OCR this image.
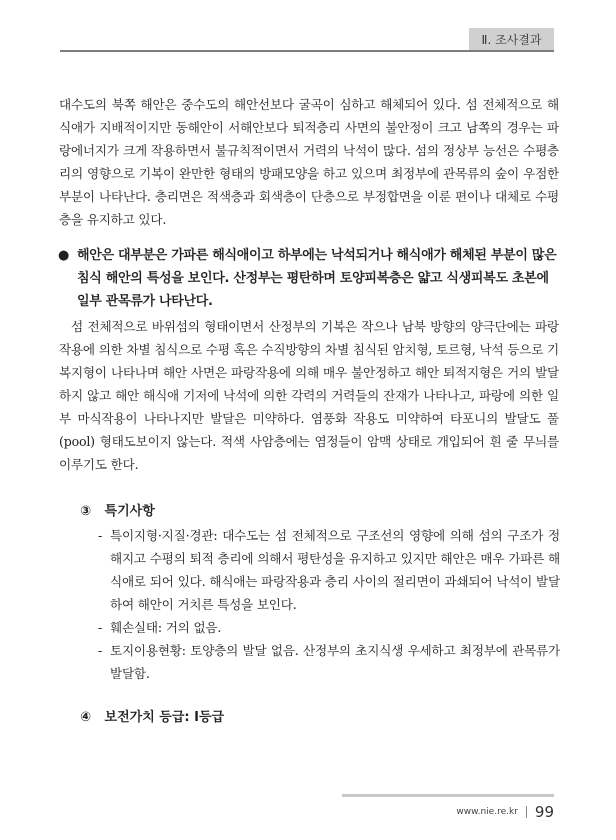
Ⅱ. 조사결과

대수도의 북쪽 해안은 중수도의 해안선보다 굴곡이 심하고 해체되어 있다. 섬 전체적으로 해식애가 지배적이지만 동해안이 서해안보다 퇴적층리 사면의 불안정이 크고 남쪽의 경우는 파랑에너지가 크게 작용하면서 불규칙적이면서 거력의 낙석이 많다. 섬의 정상부 능선은 수평층리의 영향으로 기복이 완만한 형태의 방패모양을 하고 있으며 최정부에 관목류의 숲이 우점한 부분이 나타난다. 층리면은 적색층과 회색층이 단층으로 부정합면을 이룬 편이나 대체로 수평층을 유지하고 있다.

● 해안은 대부분은 가파른 해식애이고 하부에는 낙석되거나 해식애가 해체된 부분이 많은 침식 해안의 특성을 보인다. 산정부는 평탄하며 토양피복층은 얇고 식생피복도 초본에 일부 관목류가 나타난다.

섬 전체적으로 바위섬의 형태이면서 산정부의 기복은 작으나 남북 방향의 양극단에는 파랑작용에 의한 차별 침식으로 수평 혹은 수직방향의 차별 침식된 암치형, 토르형, 낙석 등으로 기복지형이 나타나며 해안 사면은 파랑작용에 의해 매우 불안정하고 해안 퇴적지형은 거의 발달하지 않고 해안 해식애 기저에 낙석에 의한 각력의 거력들의 잔재가 나타나고, 파랑에 의한 일부 마식작용이 나타나지만 발달은 미약하다. 염풍화 작용도 미약하여 타포니의 발달도 풀(pool) 형태도보이지 않는다. 적색 사암층에는 염정들이 암맥 상태로 개입되어 흰 줄 무늬를 이루기도 한다.

③ 특기사항
- 특이지형·지질·경관: 대수도는 섬 전체적으로 구조선의 영향에 의해 섬의 구조가 정해지고 수평의 퇴적 층리에 의해서 평탄성을 유지하고 있지만 해안은 매우 가파른 해식애로 되어 있다. 해식애는 파랑작용과 층리 사이의 절리면이 과쇄되어 낙석이 발달하여 해안이 거치른 특성을 보인다.
- 훼손실태: 거의 없음.
- 토지이용현황: 토양층의 발달 없음. 산정부의 초지식생 우세하고 최정부에 관목류가 발달함.
④ 보전가치 등급: Ⅰ등급
www.nie.re.kr 99
